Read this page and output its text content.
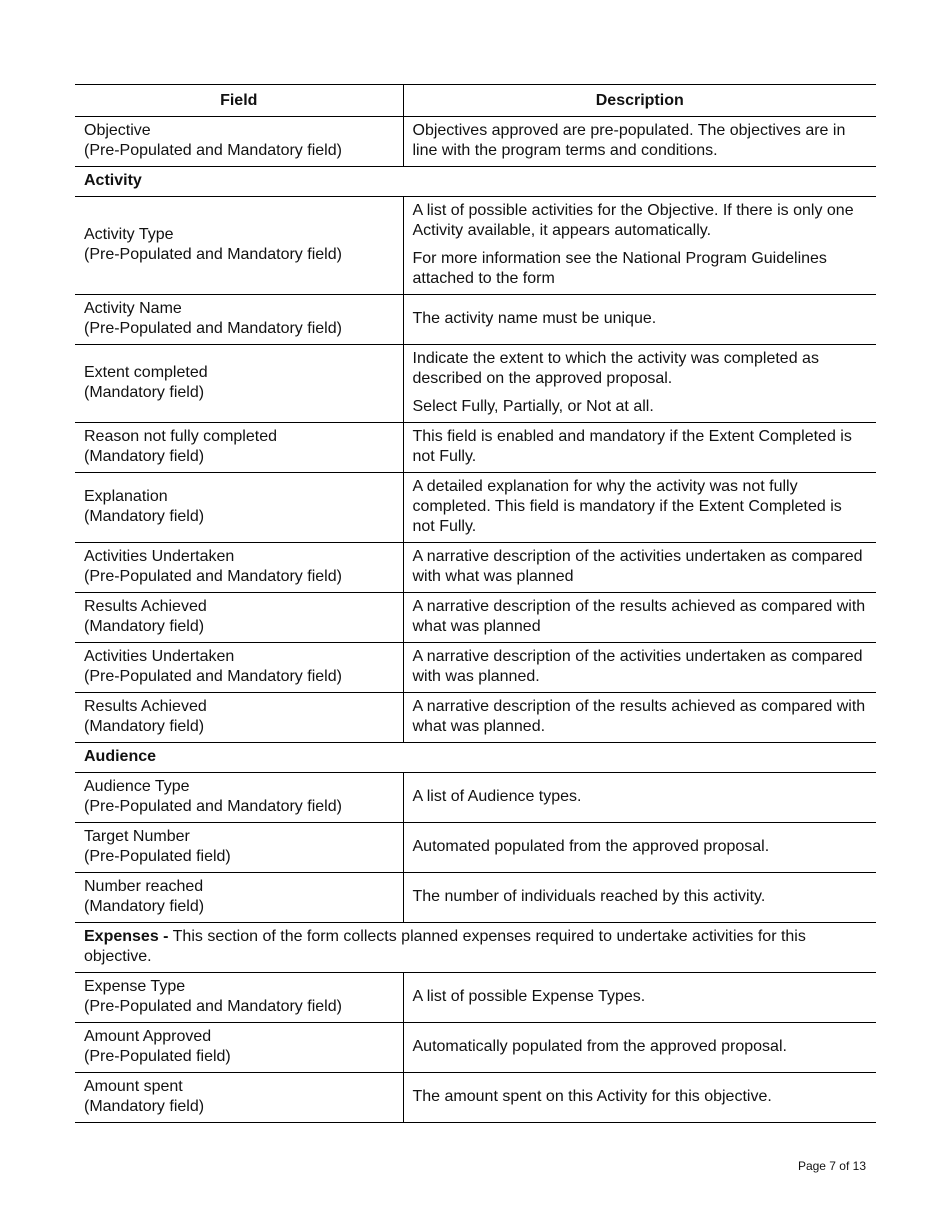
Field	Description

Objective
(Pre-Populated and Mandatory field)	Objectives approved are pre-populated. The objectives are in line with the program terms and conditions.
Activity	

Activity Type
(Pre-Populated and Mandatory field)	A list of possible activities for the Objective. If there is only one Activity available, it appears automatically.
For more information see the National Program Guidelines attached to the form

Activity Name
(Pre-Populated and Mandatory field)	The activity name must be unique.

Extent completed
(Mandatory field)	Indicate the extent to which the activity was completed as described on the approved proposal.
Select Fully, Partially, or Not at all.

Reason not fully completed
(Mandatory field)	This field is enabled and mandatory if the Extent Completed is not Fully.

Explanation
(Mandatory field)	A detailed explanation for why the activity was not fully completed. This field is mandatory if the Extent Completed is not Fully.

Activities Undertaken
(Pre-Populated and Mandatory field)	A narrative description of the activities undertaken as compared with what was planned

Results Achieved
(Mandatory field)	A narrative description of the results achieved as compared with what was planned

Activities Undertaken
(Pre-Populated and Mandatory field)	A narrative description of the activities undertaken as compared with was planned.

Results Achieved
(Mandatory field)	A narrative description of the results achieved as compared with what was planned.
Audience	

Audience Type
(Pre-Populated and Mandatory field)	A list of Audience types.

Target Number
(Pre-Populated field)	Automated populated from the approved proposal.

Number reached
(Mandatory field)	The number of individuals reached by this activity.
Expenses - This section of the form collects planned expenses required to undertake activities for this objective.	

Expense Type
(Pre-Populated and Mandatory field)	A list of possible Expense Types.

Amount Approved
(Pre-Populated field)	Automatically populated from the approved proposal.

Amount spent
(Mandatory field)	The amount spent on this Activity for this objective.
Page 7 of 13
